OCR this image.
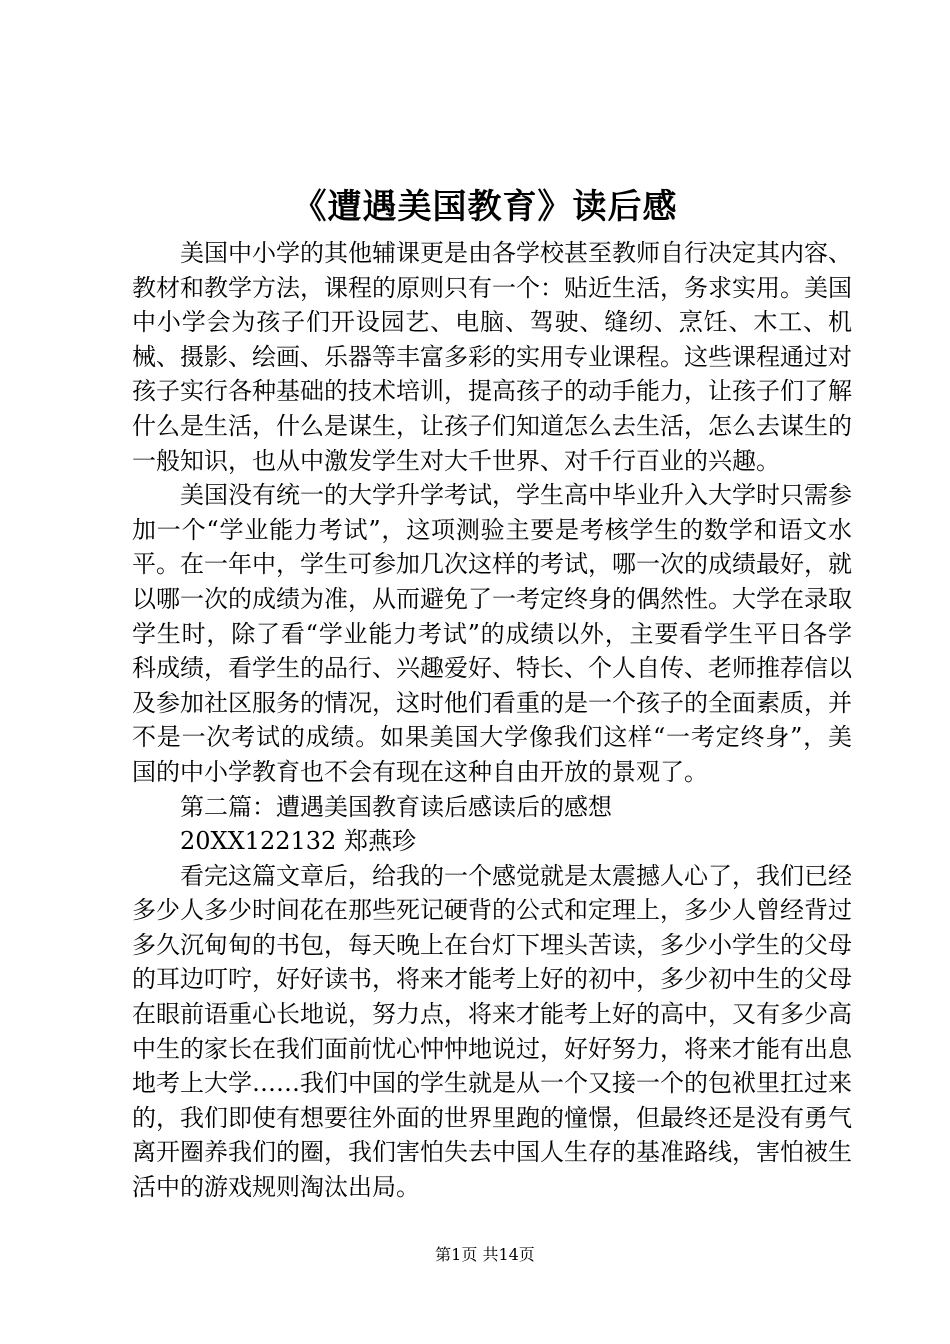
《遭遇美国教育》读后感

美国中小学的其他辅课更是由各学校甚至教师自行决定其内容、教材和教学方法，课程的原则只有一个：贴近生活，务求实用。美国中小学会为孩子们开设园艺、电脑、驾驶、缝纫、烹饪、木工、机械、摄影、绘画、乐器等丰富多彩的实用专业课程。这些课程通过对孩子实行各种基础的技术培训，提高孩子的动手能力，让孩子们了解什么是生活，什么是谋生，让孩子们知道怎么去生活，怎么去谋生的一般知识，也从中激发学生对大千世界、对千行百业的兴趣。

美国没有统一的大学升学考试，学生高中毕业升入大学时只需参加一个“学业能力考试”，这项测验主要是考核学生的数学和语文水平。在一年中，学生可参加几次这样的考试，哪一次的成绩最好，就以哪一次的成绩为准，从而避免了一考定终身的偶然性。大学在录取学生时，除了看“学业能力考试”的成绩以外，主要看学生平日各学科成绩，看学生的品行、兴趣爱好、特长、个人自传、老师推荐信以及参加社区服务的情况，这时他们看重的是一个孩子的全面素质，并不是一次考试的成绩。如果美国大学像我们这样“一考定终身”，美国的中小学教育也不会有现在这种自由开放的景观了。

第二篇：遭遇美国教育读后感读后的感想

20XX122132 郑燕珍

看完这篇文章后，给我的一个感觉就是太震撼人心了，我们已经多少人多少时间花在那些死记硬背的公式和定理上，多少人曾经背过多久沉甸甸的书包，每天晚上在台灯下埋头苦读，多少小学生的父母的耳边叮咛，好好读书，将来才能考上好的初中，多少初中生的父母在眼前语重心长地说，努力点，将来才能考上好的高中，又有多少高中生的家长在我们面前忧心忡忡地说过，好好努力，将来才能有出息地考上大学……我们中国的学生就是从一个又接一个的包袱里扛过来的，我们即使有想要往外面的世界里跑的憧憬，但最终还是没有勇气离开圈养我们的圈，我们害怕失去中国人生存的基准路线，害怕被生活中的游戏规则淘汰出局。

第1页 共14页
